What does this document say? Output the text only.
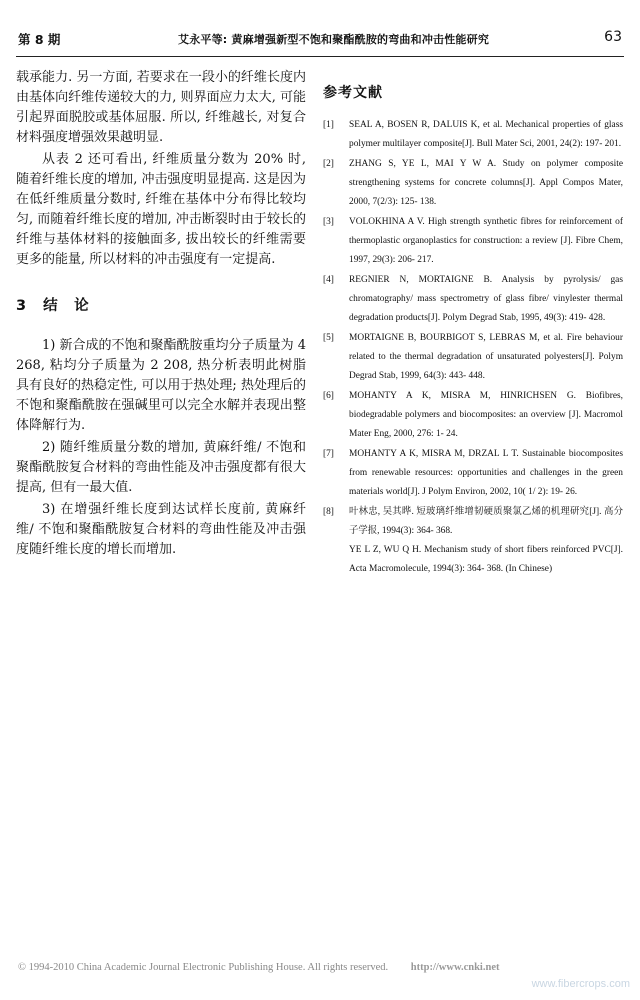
第 8 期	艾永平等: 黄麻增强新型不饱和聚酯酰胺的弯曲和冲击性能研究	63

载承能力. 另一方面, 若要求在一段小的纤维长度内由基体向纤维传递较大的力, 则界面应力太大, 可能引起界面脱胶或基体屈服. 所以, 纤维越长, 对复合材料强度增强效果越明显.

从表 2 还可看出, 纤维质量分数为 20% 时, 随着纤维长度的增加, 冲击强度明显提高. 这是因为在低纤维质量分数时, 纤维在基体中分布得比较均匀, 而随着纤维长度的增加, 冲击断裂时由于较长的纤维与基体材料的接触面多, 拔出较长的纤维需要更多的能量, 所以材料的冲击强度有一定提高.

3 结　论

1) 新合成的不饱和聚酯酰胺重均分子质量为 4 268, 粘均分子质量为 2 208, 热分析表明此树脂具有良好的热稳定性, 可以用于热处理; 热处理后的不饱和聚酯酰胺在强碱里可以完全水解并表现出整体降解行为.

2) 随纤维质量分数的增加, 黄麻纤维/ 不饱和聚酯酰胺复合材料的弯曲性能及冲击强度都有很大提高, 但有一最大值.

3) 在增强纤维长度到达试样长度前, 黄麻纤维/ 不饱和聚酯酰胺复合材料的弯曲性能及冲击强度随纤维长度的增长而增加.

参考文献
[1]	SEAL A, BOSEN R, DALUIS K, et al. Mechanical properties of glass polymer multilayer composite[J]. Bull Mater Sci, 2001, 24(2): 197- 201.
[2]	ZHANG S, YE L, MAI Y W A. Study on polymer composite strengthening systems for concrete columns[J]. Appl Compos Mater, 2000, 7(2/3): 125- 138.
[3]	VOLOKHINA A V. High strength synthetic fibres for reinforcement of thermoplastic organoplastics for construction: a review [J]. Fibre Chem, 1997, 29(3): 206- 217.
[4]	REGNIER N, MORTAIGNE B. Analysis by pyrolysis/ gas chromatography/ mass spectrometry of glass fibre/ vinylester thermal degradation products[J]. Polym Degrad Stab, 1995, 49(3): 419- 428.
[5]	MORTAIGNE B, BOURBIGOT S, LEBRAS M, et al. Fire behaviour related to the thermal degradation of unsaturated polyesters[J]. Polym Degrad Stab, 1999, 64(3): 443- 448.
[6]	MOHANTY A K, MISRA M, HINRICHSEN G. Biofibres, biodegradable polymers and biocomposites: an overview [J]. Macromol Mater Eng, 2000, 276: 1- 24.
[7]	MOHANTY A K, MISRA M, DRZAL L T. Sustainable biocomposites from renewable resources: opportunities and challenges in the green materials world[J]. J Polym Environ, 2002, 10( 1/ 2): 19- 26.
[8]	叶林忠, 吴其晔. 短玻璃纤维增韧硬质聚氯乙烯的机理研究[J]. 高分子学报, 1994(3): 364- 368.
YE L Z, WU Q H. Mechanism study of short fibers reinforced PVC[J]. Acta Macromolecule, 1994(3): 364- 368. (In Chinese)
© 1994-2010 China Academic Journal Electronic Publishing House. All rights reserved. http://www.cnki.net
www.fibercrops.com
